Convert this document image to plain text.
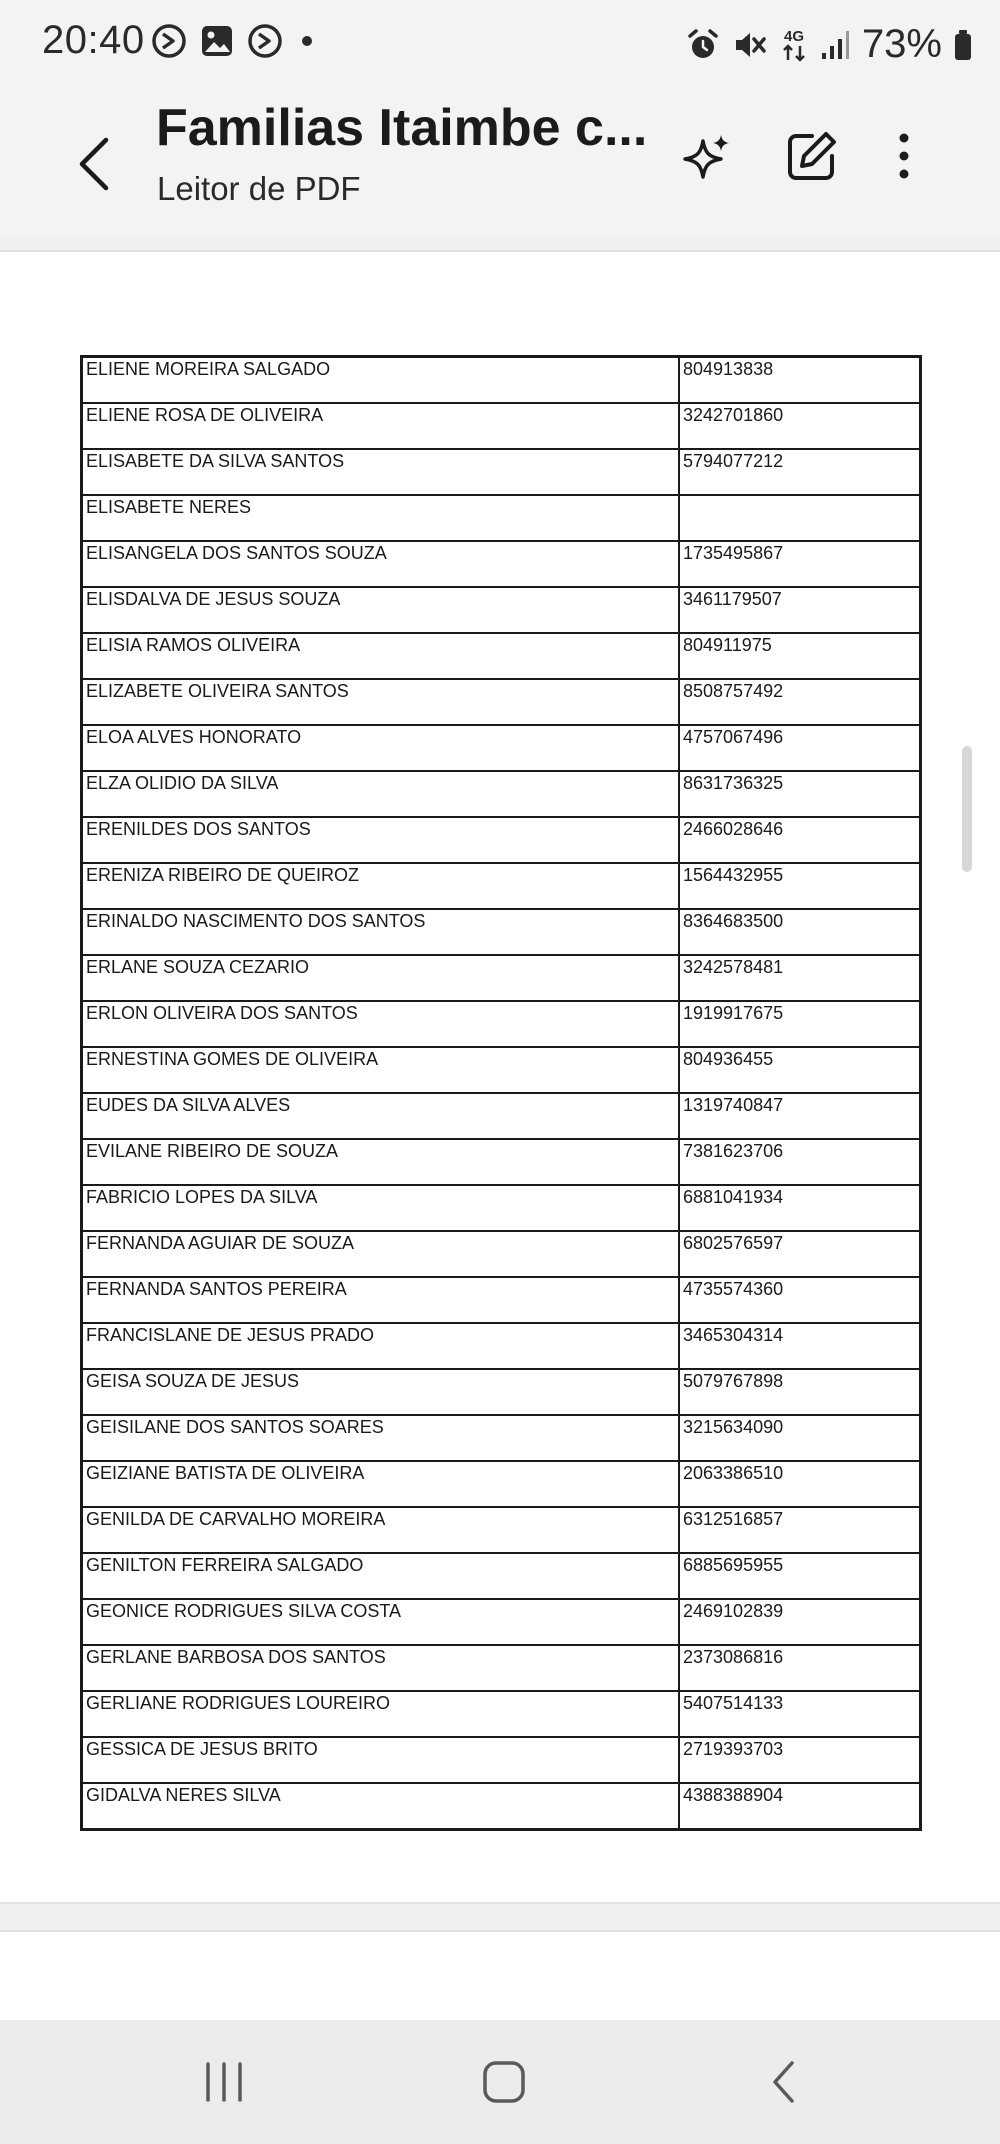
20:40	4G 73%
Familias Itaimbe c...
Leitor de PDF
ELIENE MOREIRA SALGADO	804913838
ELIENE ROSA DE OLIVEIRA	3242701860
ELISABETE DA SILVA SANTOS	5794077212
ELISABETE NERES	
ELISANGELA DOS SANTOS SOUZA	1735495867
ELISDALVA DE JESUS SOUZA	3461179507
ELISIA RAMOS OLIVEIRA	804911975
ELIZABETE OLIVEIRA SANTOS	8508757492
ELOA ALVES HONORATO	4757067496
ELZA OLIDIO DA SILVA	8631736325
ERENILDES DOS SANTOS	2466028646
ERENIZA RIBEIRO DE QUEIROZ	1564432955
ERINALDO NASCIMENTO DOS SANTOS	8364683500
ERLANE SOUZA CEZARIO	3242578481
ERLON OLIVEIRA DOS SANTOS	1919917675
ERNESTINA GOMES DE OLIVEIRA	804936455
EUDES DA SILVA ALVES	1319740847
EVILANE RIBEIRO DE SOUZA	7381623706
FABRICIO LOPES DA SILVA	6881041934
FERNANDA AGUIAR DE SOUZA	6802576597
FERNANDA SANTOS PEREIRA	4735574360
FRANCISLANE DE JESUS PRADO	3465304314
GEISA SOUZA DE JESUS	5079767898
GEISILANE DOS SANTOS SOARES	3215634090
GEIZIANE BATISTA DE OLIVEIRA	2063386510
GENILDA DE CARVALHO MOREIRA	6312516857
GENILTON FERREIRA SALGADO	6885695955
GEONICE RODRIGUES SILVA COSTA	2469102839
GERLANE BARBOSA DOS SANTOS	2373086816
GERLIANE RODRIGUES LOUREIRO	5407514133
GESSICA DE JESUS BRITO	2719393703
GIDALVA NERES SILVA	4388388904
